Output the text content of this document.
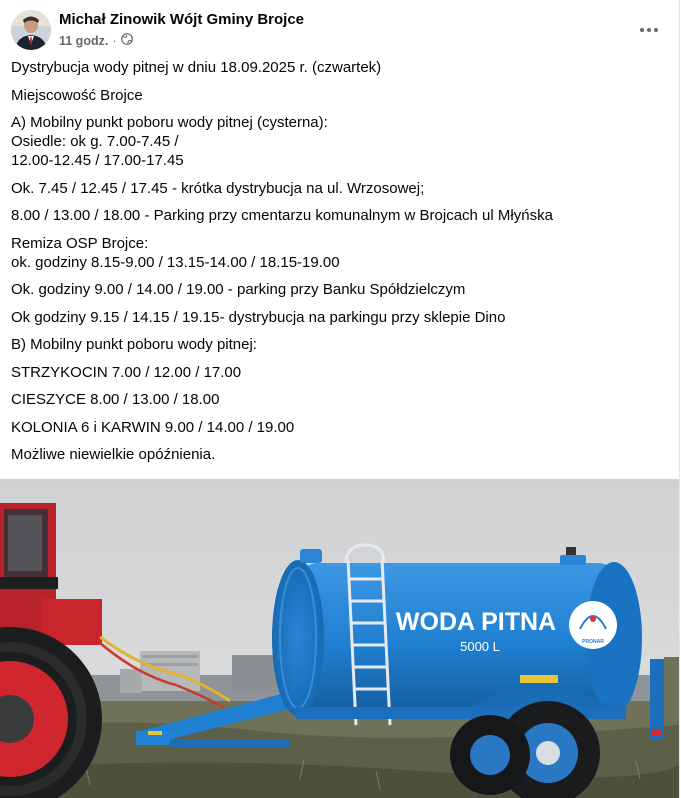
Michał Zinowik Wójt Gminy Brojce
11 godz. ·

Dystrybucja wody pitnej w dniu 18.09.2025 r. (czwartek)

Miejscowość Brojce

A) Mobilny punkt poboru wody pitnej (cysterna):
Osiedle: ok g. 7.00-7.45 /
12.00-12.45 / 17.00-17.45

Ok. 7.45 / 12.45 / 17.45 - krótka dystrybucja na ul. Wrzosowej;

8.00 / 13.00 / 18.00 - Parking przy cmentarzu komunalnym w Brojcach ul Młyńska

Remiza OSP Brojce:
ok. godziny 8.15-9.00 / 13.15-14.00 / 18.15-19.00

Ok. godziny 9.00 / 14.00 / 19.00 - parking przy Banku Spółdzielczym

Ok godziny 9.15 / 14.15 / 19.15- dystrybucja na parkingu przy sklepie Dino

B) Mobilny punkt poboru wody pitnej:

STRZYKOCIN 7.00 / 12.00 / 17.00

CIESZYCE 8.00 / 13.00 / 18.00

KOLONIA 6 i KARWIN 9.00 / 14.00 / 19.00

Możliwe niewielkie opóźnienia.

WODA PITNA
5000 L	PRONAR
